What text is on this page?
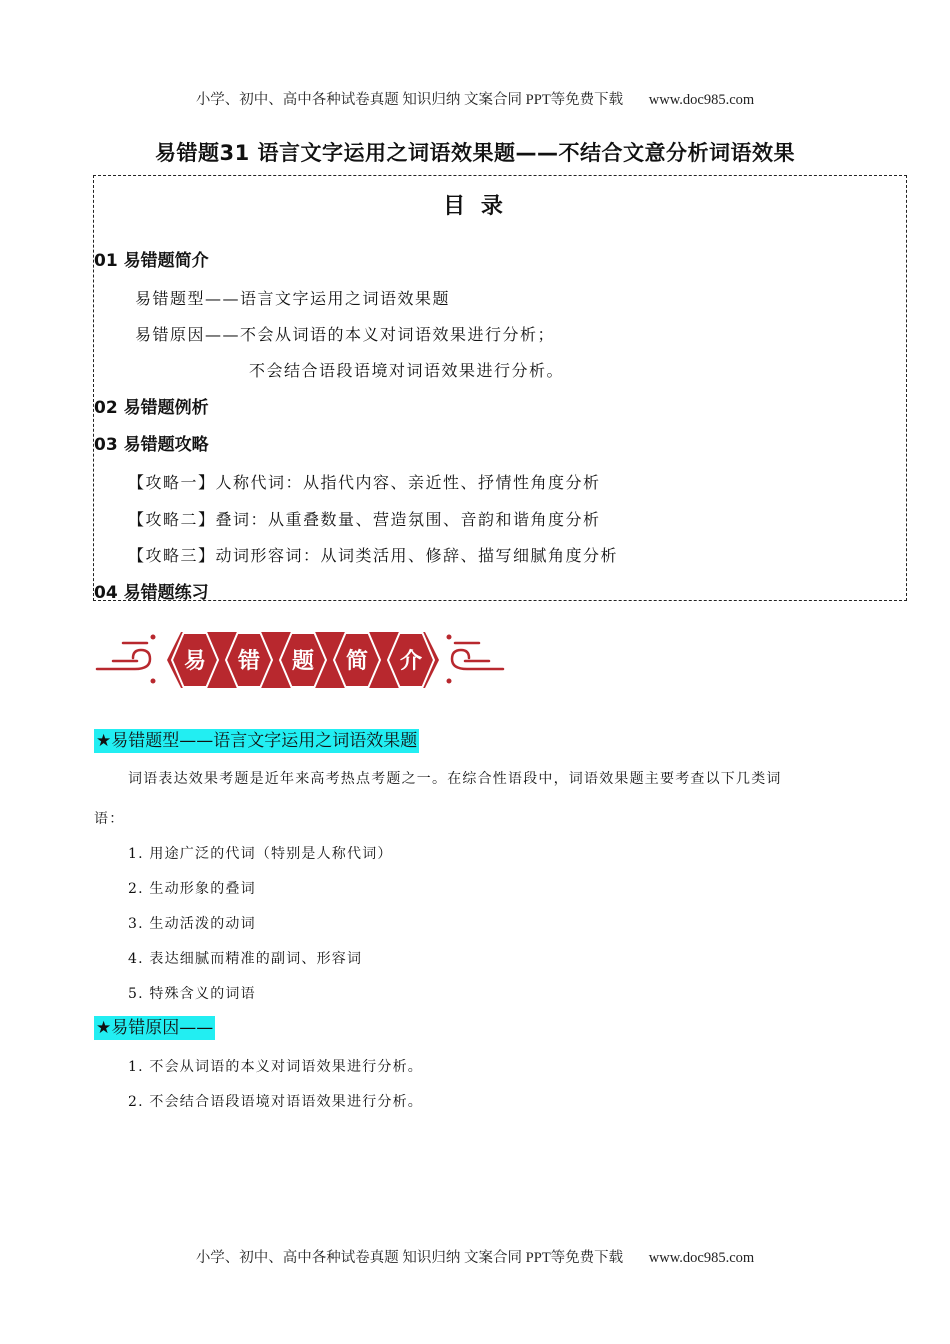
小学、初中、高中各种试卷真题 知识归纳 文案合同 PPT等免费下载 www.doc985.com
易错题31 语言文字运用之词语效果题——不结合文意分析词语效果
目 录
01 易错题简介
易错题型——语言文字运用之词语效果题
易错原因——不会从词语的本义对词语效果进行分析；
不会结合语段语境对词语效果进行分析。
02 易错题例析
03 易错题攻略
【攻略一】人称代词：从指代内容、亲近性、抒情性角度分析
【攻略二】叠词：从重叠数量、营造氛围、音韵和谐角度分析
【攻略三】动词形容词：从词类活用、修辞、描写细腻角度分析
04 易错题练习
易 错 题 简 介
★易错题型——语言文字运用之词语效果题
词语表达效果考题是近年来高考热点考题之一。在综合性语段中，词语效果题主要考查以下几类词
语：
1. 用途广泛的代词（特别是人称代词）
2. 生动形象的叠词
3. 生动活泼的动词
4. 表达细腻而精准的副词、形容词
5. 特殊含义的词语
★易错原因——
1. 不会从词语的本义对词语效果进行分析。
2. 不会结合语段语境对语语效果进行分析。
小学、初中、高中各种试卷真题 知识归纳 文案合同 PPT等免费下载 www.doc985.com
